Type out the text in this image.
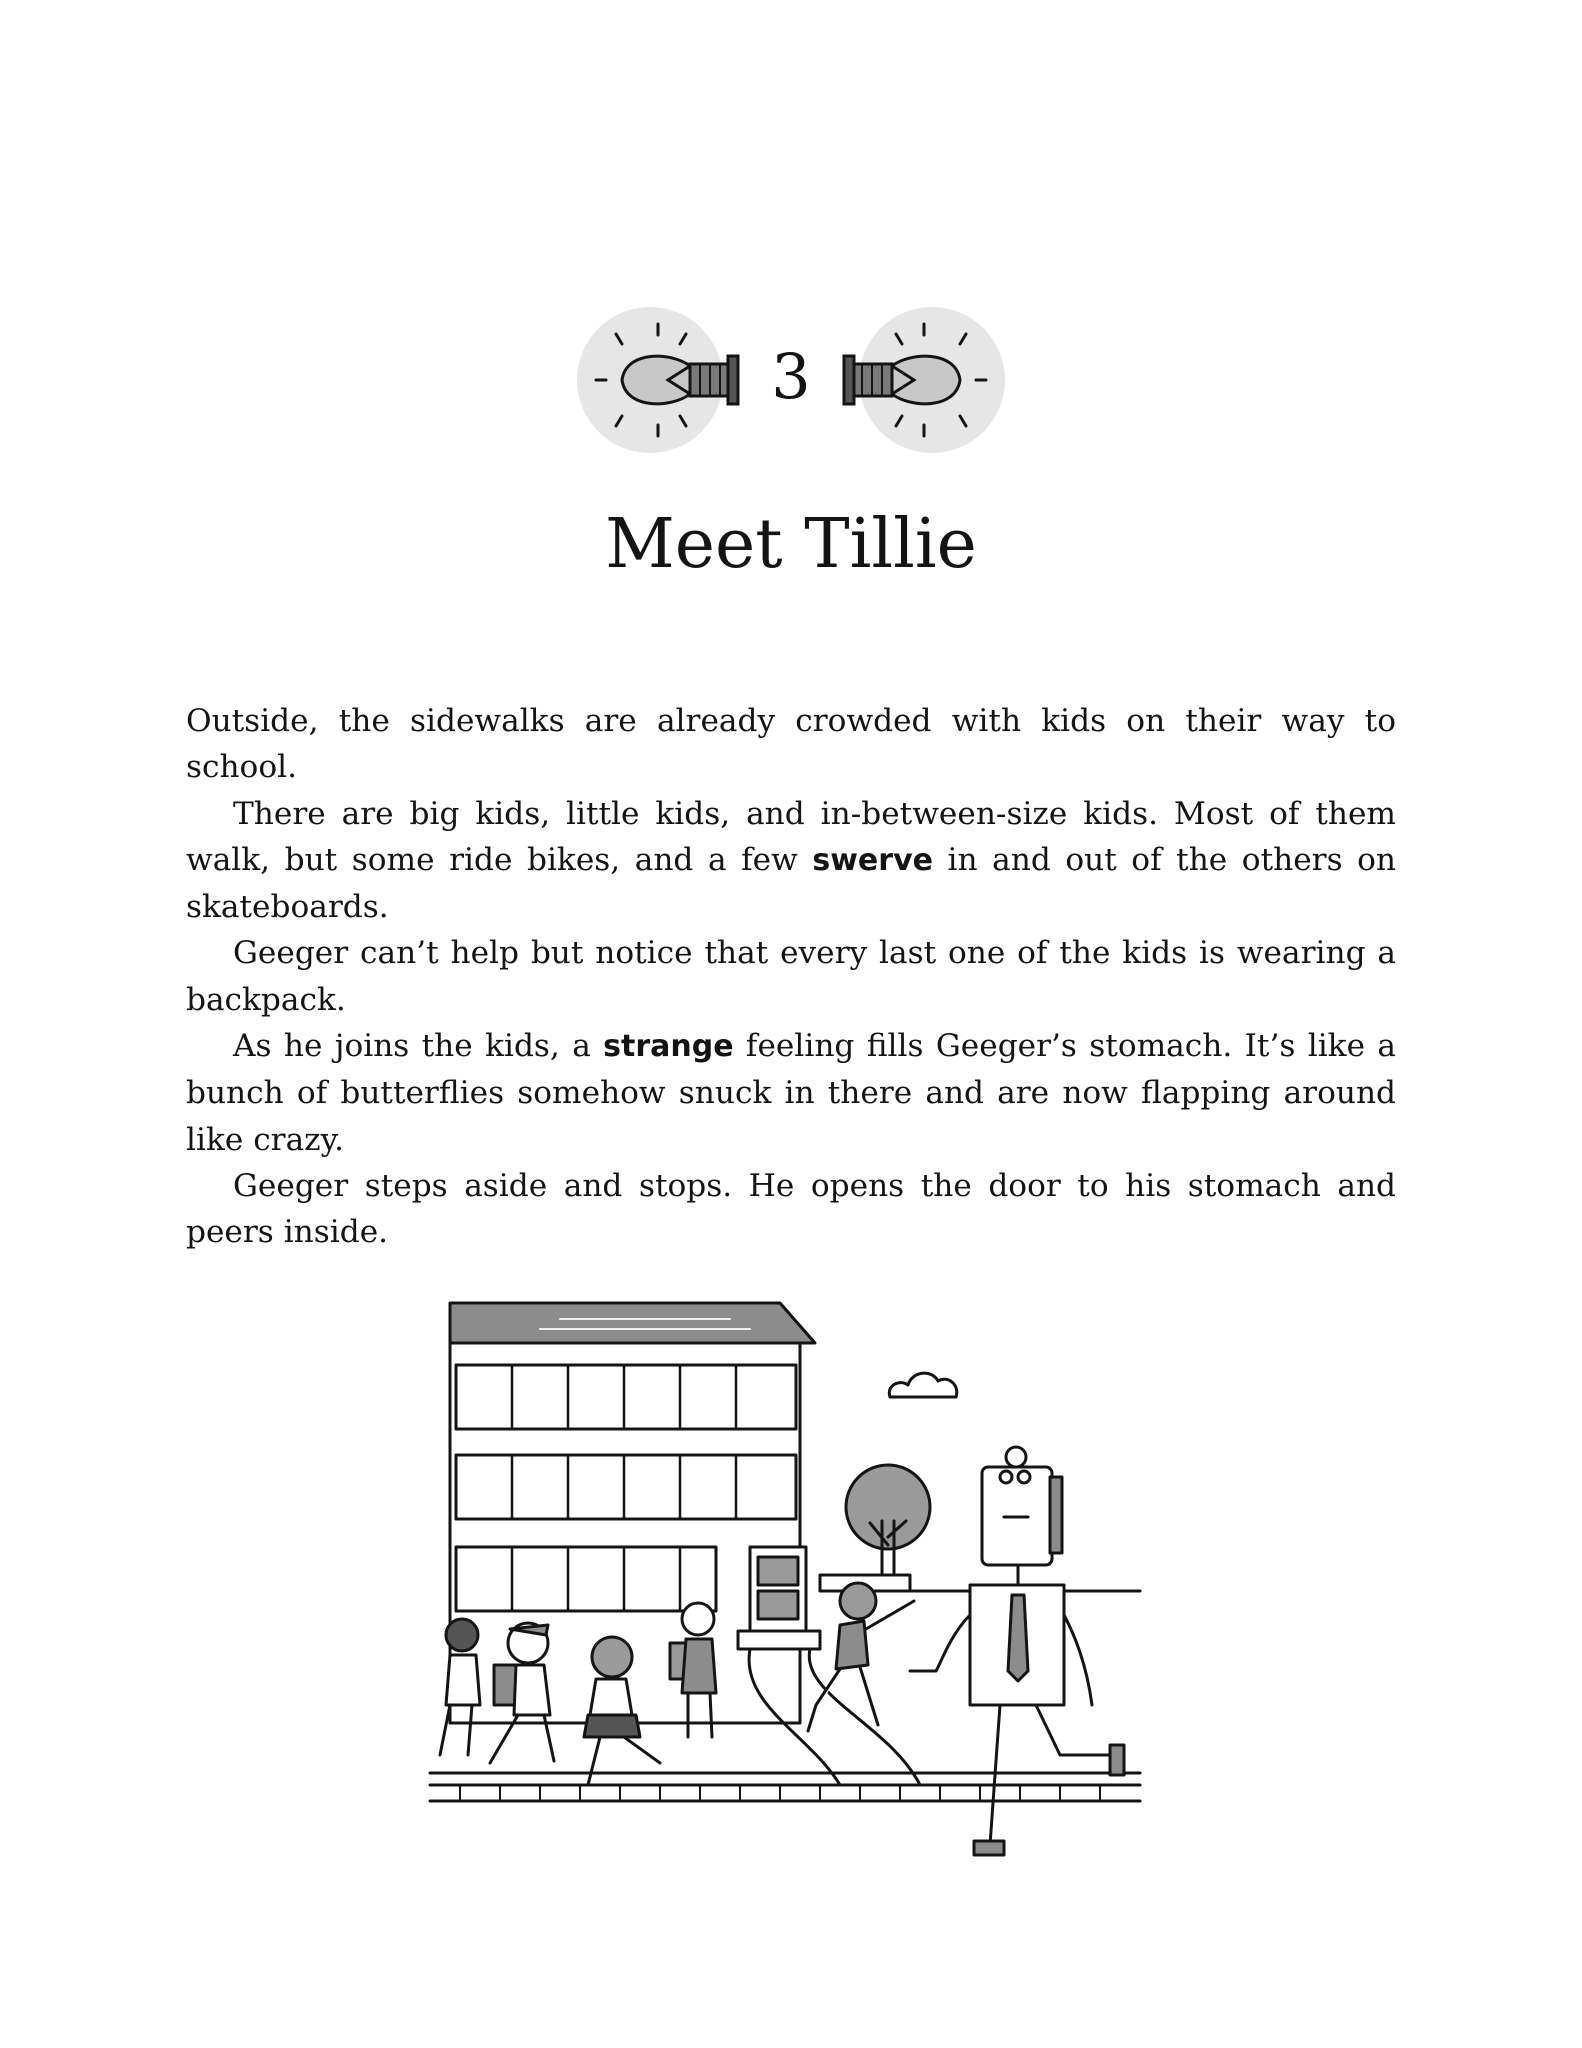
3
Meet Tillie

Outside, the sidewalks are already crowded with kids on their way to school.

There are big kids, little kids, and in-between-size kids. Most of them walk, but some ride bikes, and a few swerve in and out of the others on skateboards.

Geeger can’t help but notice that every last one of the kids is wearing a backpack.

As he joins the kids, a strange feeling fills Geeger’s stomach. It’s like a bunch of butterflies somehow snuck in there and are now flapping around like crazy.

Geeger steps aside and stops. He opens the door to his stomach and peers inside.
